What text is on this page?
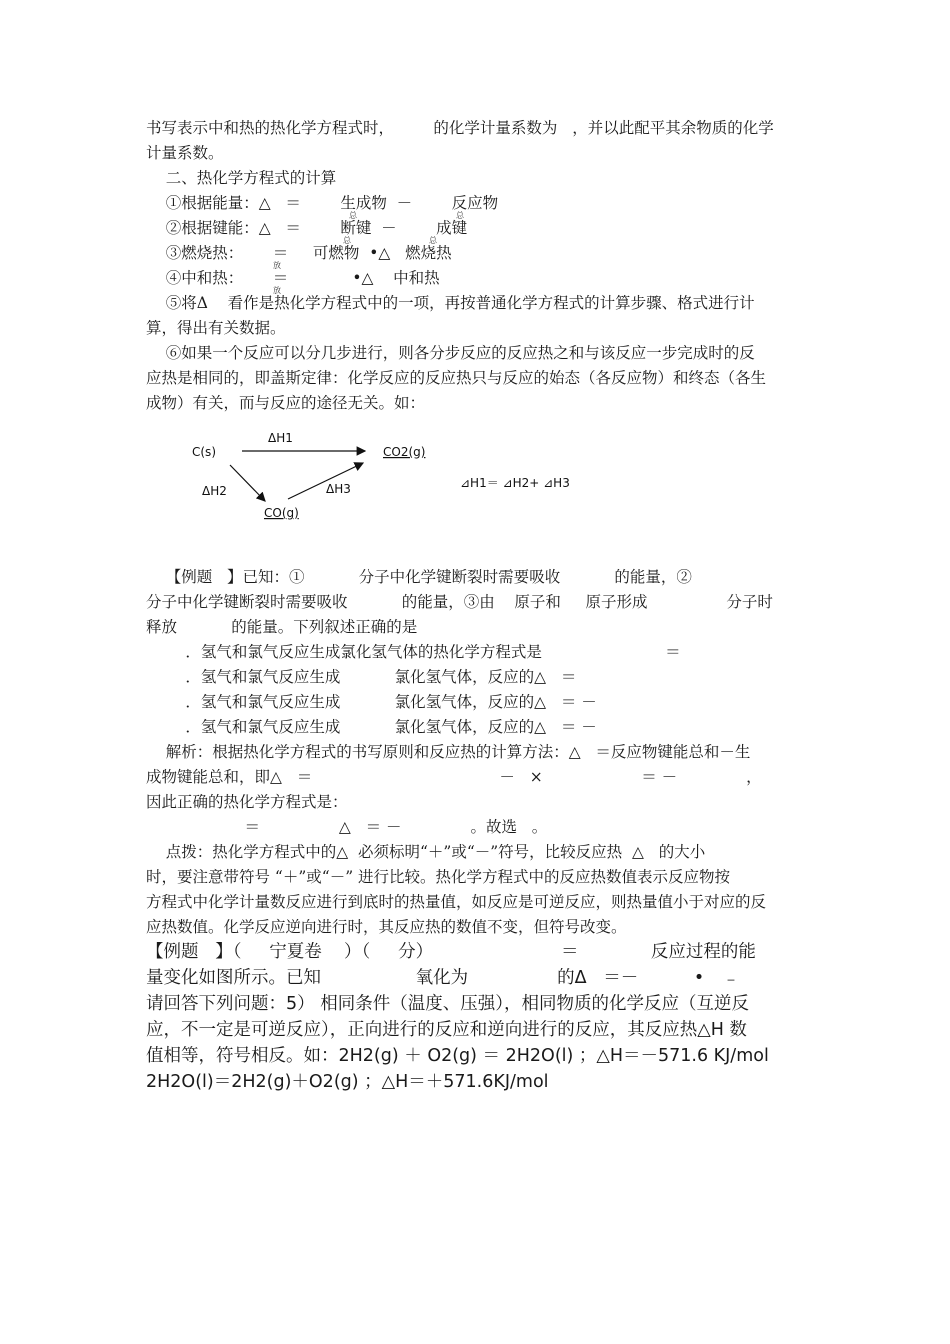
书写表示中和热的热化学方程式时，        的化学计量系数为   ，并以此配平其余物质的化学
计量系数。
二、热化学方程式的计算
①根据能量：△   ＝        生成物  －        反应物
②根据键能：△   ＝        断键  －        成键
③燃烧热：      ＝     可燃物  •△   燃烧热
④中和热：      ＝             •△    中和热
⑤将Δ    看作是热化学方程式中的一项，再按普通化学方程式的计算步骤、格式进行计
算，得出有关数据。
⑥如果一个反应可以分几步进行，则各分步反应的反应热之和与该反应一步完成时的反
应热是相同的，即盖斯定律：化学反应的反应热只与反应的始态（各反应物）和终态（各生
成物）有关，而与反应的途径无关。如：
总	总
总	总
放
放
C(s)
ΔH1
CO2(g)
ΔH2
CO(g)
ΔH3	⊿H1＝ ⊿H2+ ⊿H3
【例题   】已知：①           分子中化学键断裂时需要吸收           的能量，②
分子中化学键断裂时需要吸收           的能量，③由    原子和     原子形成                分子时
释放           的能量。下列叙述正确的是
．氢气和氯气反应生成氯化氢气体的热化学方程式是                         ＝
．氢气和氯气反应生成           氯化氢气体，反应的△   ＝
．氢气和氯气反应生成           氯化氢气体，反应的△   ＝ －
．氢气和氯气反应生成           氯化氢气体，反应的△   ＝ －
解析：根据热化学方程式的书写原则和反应热的计算方法：△   ＝反应物键能总和－生
成物键能总和，即△   ＝                                      －   ×                    ＝ －              ，
因此正确的热化学方程式是：
＝                △   ＝ －              。故选   。
点拨：热化学方程式中的△  必须标明“＋”或“－”符号，比较反应热  △   的大小
时，要注意带符号 “＋”或“－” 进行比较。热化学方程式中的反应热数值表示反应物按
方程式中化学计量数反应进行到底时的热量值，如反应是可逆反应，则热量值小于对应的反
应热数值。化学反应逆向进行时，其反应热的数值不变，但符号改变。
【例题   】（     宁夏卷    ）（     分）                       ＝             反应过程的能
量变化如图所示。已知                 氧化为                的Δ   ＝－          •    ₋
请回答下列问题：5） 相同条件（温度、压强），相同物质的化学反应（互逆反
应，不一定是可逆反应），正向进行的反应和逆向进行的反应，其反应热△H 数
值相等，符号相反。如：2H2(g) ＋ O2(g) ＝ 2H2O(l) ；△H＝－571.6 KJ/mol
2H2O(l)＝2H2(g)＋O2(g) ；△H＝＋571.6KJ/mol
